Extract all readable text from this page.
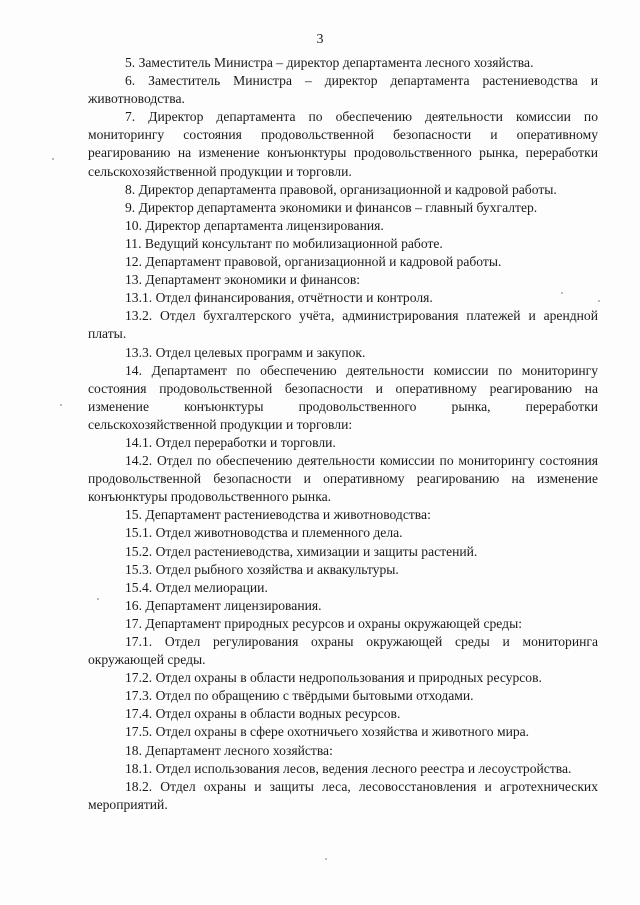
3

5. Заместитель Министра – директор департамента лесного хозяйства.

6. Заместитель Министра – директор департамента растениеводства и животноводства.

7. Директор департамента по обеспечению деятельности комиссии по мониторингу состояния продовольственной безопасности и оперативному реагированию на изменение конъюнктуры продовольственного рынка, переработки сельскохозяйственной продукции и торговли.

8. Директор департамента правовой, организационной и кадровой работы.

9. Директор департамента экономики и финансов – главный бухгалтер.

10. Директор департамента лицензирования.

11. Ведущий консультант по мобилизационной работе.

12. Департамент правовой, организационной и кадровой работы.

13. Департамент экономики и финансов:

13.1. Отдел финансирования, отчётности и контроля.

13.2. Отдел бухгалтерского учёта, администрирования платежей и арендной платы.

13.3. Отдел целевых программ и закупок.

14. Департамент по обеспечению деятельности комиссии по мониторингу состояния продовольственной безопасности и оперативному реагированию на изменение конъюнктуры продовольственного рынка, переработки сельскохозяйственной продукции и торговли:

14.1. Отдел переработки и торговли.

14.2. Отдел по обеспечению деятельности комиссии по мониторингу состояния продовольственной безопасности и оперативному реагированию на изменение конъюнктуры продовольственного рынка.

15. Департамент растениеводства и животноводства:

15.1. Отдел животноводства и племенного дела.

15.2. Отдел растениеводства, химизации и защиты растений.

15.3. Отдел рыбного хозяйства и аквакультуры.

15.4. Отдел мелиорации.

16. Департамент лицензирования.

17. Департамент природных ресурсов и охраны окружающей среды:

17.1. Отдел регулирования охраны окружающей среды и мониторинга окружающей среды.

17.2. Отдел охраны в области недропользования и природных ресурсов.

17.3. Отдел по обращению с твёрдыми бытовыми отходами.

17.4. Отдел охраны в области водных ресурсов.

17.5. Отдел охраны в сфере охотничьего хозяйства и животного мира.

18. Департамент лесного хозяйства:

18.1. Отдел использования лесов, ведения лесного реестра и лесоустройства.

18.2. Отдел охраны и защиты леса, лесовосстановления и агротехнических мероприятий.
